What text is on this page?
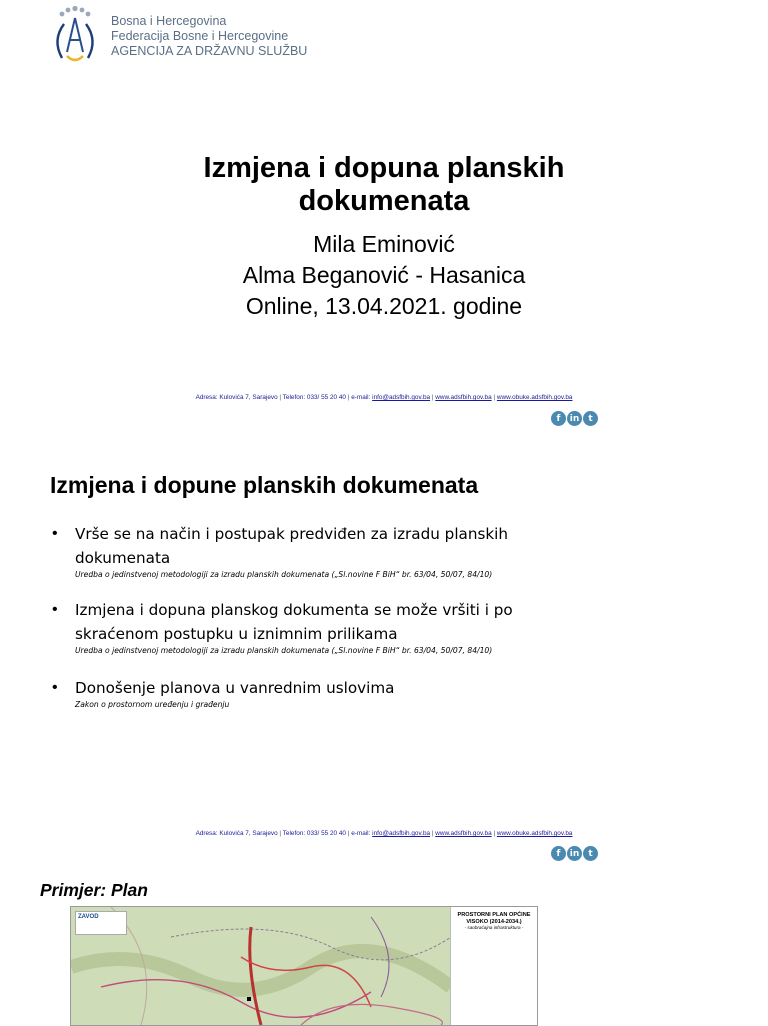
Bosna i Hercegovina
Federacija Bosne i Hercegovine
AGENCIJA ZA DRŽAVNU SLUŽBU
Izmjena i dopuna planskih
dokumenata
Mila Eminović
Alma Beganović - Hasanica
Online, 13.04.2021. godine
Adresa: Kulovića 7, Sarajevo | Telefon: 033/ 55 20 40 | e-mail: info@adsfbih.gov.ba | www.adsfbih.gov.ba | www.obuke.adsfbih.gov.ba
f	in	t
Izmjena i dopune planskih dokumenata
• Vrše se na način i postupak predviđen za izradu planskih dokumenata
Uredba o jedinstvenoj metodologiji za izradu planskih dokumenata („Sl.novine F BiH“ br. 63/04, 50/07, 84/10)
• Izmjena i dopuna planskog dokumenta se može vršiti i po skraćenom postupku u iznimnim prilikama
Uredba o jedinstvenoj metodologiji za izradu planskih dokumenata („Sl.novine F BiH“ br. 63/04, 50/07, 84/10)
• Donošenje planova u vanrednim uslovima
Zakon o prostornom uređenju i građenju
Adresa: Kulovića 7, Sarajevo | Telefon: 033/ 55 20 40 | e-mail: info@adsfbih.gov.ba | www.adsfbih.gov.ba | www.obuke.adsfbih.gov.ba
f	in	t
Primjer: Plan
ZAVOD	PROSTORNI PLAN OPĆINE VISOKO (2014-2034.)
- saobraćajna infrastruktura -
